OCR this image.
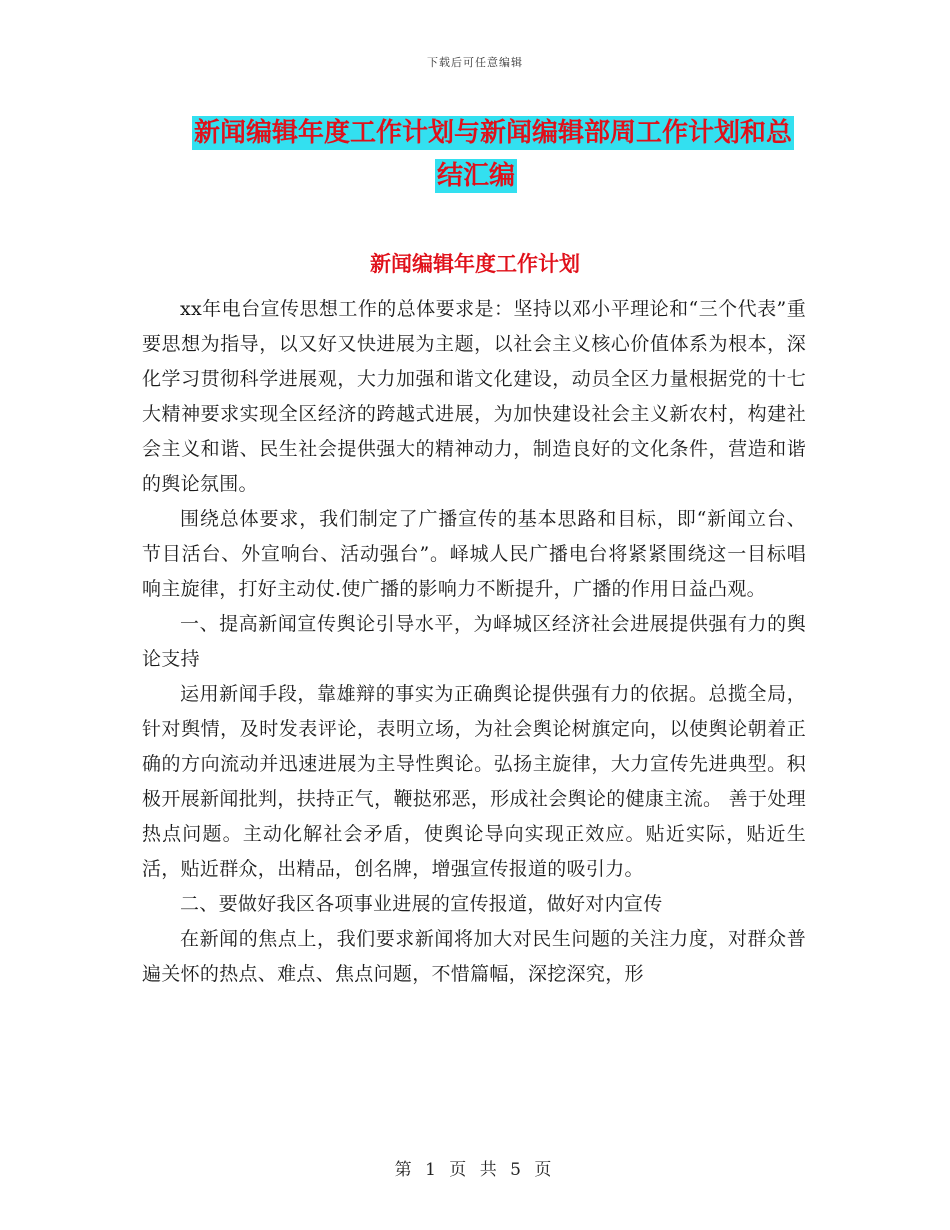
下载后可任意编辑
新闻编辑年度工作计划与新闻编辑部周工作计划和总
结汇编
新闻编辑年度工作计划

xx年电台宣传思想工作的总体要求是：坚持以邓小平理论和“三个代表”重要思想为指导，以又好又快进展为主题，以社会主义核心价值体系为根本，深化学习贯彻科学进展观，大力加强和谐文化建设，动员全区力量根据党的十七大精神要求实现全区经济的跨越式进展，为加快建设社会主义新农村，构建社会主义和谐、民生社会提供强大的精神动力，制造良好的文化条件，营造和谐的舆论氛围。

围绕总体要求，我们制定了广播宣传的基本思路和目标，即“新闻立台、节目活台、外宣响台、活动强台”。峄城人民广播电台将紧紧围绕这一目标唱响主旋律，打好主动仗.使广播的影响力不断提升，广播的作用日益凸观。

一、提高新闻宣传舆论引导水平，为峄城区经济社会进展提供强有力的舆论支持

运用新闻手段，靠雄辩的事实为正确舆论提供强有力的依据。总揽全局，针对舆情，及时发表评论，表明立场，为社会舆论树旗定向，以使舆论朝着正确的方向流动并迅速进展为主导性舆论。弘扬主旋律，大力宣传先进典型。积极开展新闻批判，扶持正气，鞭挞邪恶，形成社会舆论的健康主流。 善于处理热点问题。主动化解社会矛盾，使舆论导向实现正效应。贴近实际，贴近生活，贴近群众，出精品，创名牌，增强宣传报道的吸引力。

二、要做好我区各项事业进展的宣传报道，做好对内宣传

在新闻的焦点上，我们要求新闻将加大对民生问题的关注力度，对群众普遍关怀的热点、难点、焦点问题，不惜篇幅，深挖深究，形

第 1 页 共 5 页
